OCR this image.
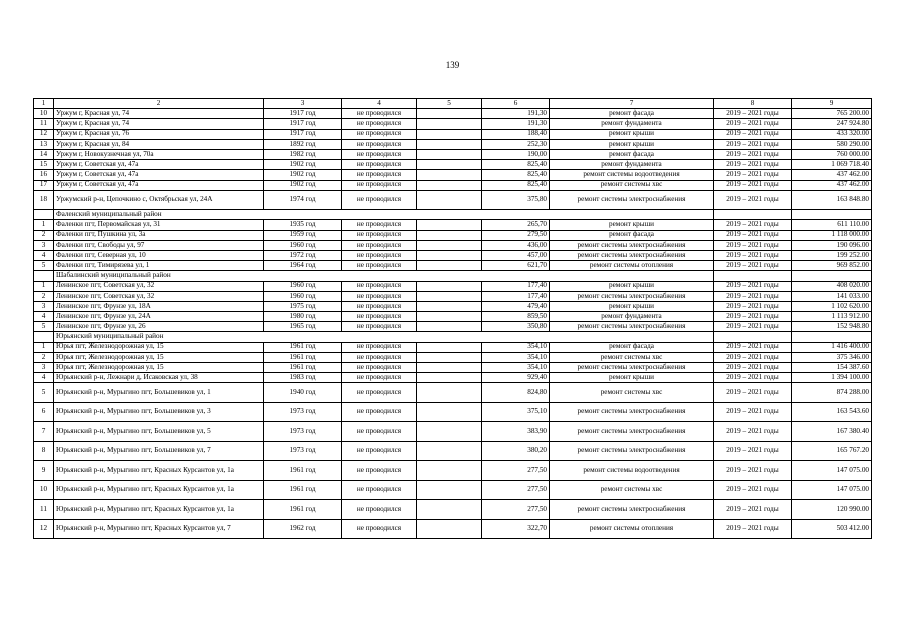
139
1	2	3	4	5	6	7	8	9
10	Уржум г, Красная ул, 74	1917 год	не проводился		191,30	ремонт фасада	2019 – 2021 годы	765 200.00
11	Уржум г, Красная ул, 74	1917 год	не проводился		191,30	ремонт фундамента	2019 – 2021 годы	247 924.80
12	Уржум г, Красная ул, 76	1917 год	не проводился		188,40	ремонт крыши	2019 – 2021 годы	433 320.00
13	Уржум г, Красная ул, 84	1892 год	не проводился		252,30	ремонт крыши	2019 – 2021 годы	580 290.00
14	Уржум г, Новокузнечная ул, 70а	1982 год	не проводился		190,00	ремонт фасада	2019 – 2021 годы	760 000.00
15	Уржум г, Советская ул, 47а	1902 год	не проводился		825,40	ремонт фундамента	2019 – 2021 годы	1 069 718.40
16	Уржум г, Советская ул, 47а	1902 год	не проводился		825,40	ремонт системы водоотведения	2019 – 2021 годы	437 462.00
17	Уржум г, Советская ул, 47а	1902 год	не проводился		825,40	ремонт системы хвс	2019 – 2021 годы	437 462.00
18	Уржумский р-н, Цепочкино с, Октябрьская ул, 24А	1974 год	не проводился		375,80	ремонт системы электроснабжения	2019 – 2021 годы	163 848.80
	Фаленский муниципальный район							
1	Фаленки пгт, Первомайская ул, 31	1935 год	не проводился		265,70	ремонт крыши	2019 – 2021 годы	611 110.00
2	Фаленки пгт, Пушкина ул, 3а	1959 год	не проводился		279,50	ремонт фасада	2019 – 2021 годы	1 118 000.00
3	Фаленки пгт, Свободы ул, 97	1960 год	не проводился		436,00	ремонт системы электроснабжения	2019 – 2021 годы	190 096.00
4	Фаленки пгт, Северная ул, 10	1972 год	не проводился		457,00	ремонт системы электроснабжения	2019 – 2021 годы	199 252.00
5	Фаленки пгт, Тимирязева ул, 1	1964 год	не проводился		621,70	ремонт системы отопления	2019 – 2021 годы	969 852.00
	Шабалинский муниципальный район							
1	Ленинское пгт, Советская ул, 32	1960 год	не проводился		177,40	ремонт крыши	2019 – 2021 годы	408 020.00
2	Ленинское пгт, Советская ул, 32	1960 год	не проводился		177,40	ремонт системы электроснабжения	2019 – 2021 годы	141 033.00
3	Ленинское пгт, Фрунзе ул, 18А	1975 год	не проводился		479,40	ремонт крыши	2019 – 2021 годы	1 102 620.00
4	Ленинское пгт, Фрунзе ул, 24А	1980 год	не проводился		859,50	ремонт фундамента	2019 – 2021 годы	1 113 912.00
5	Ленинское пгт, Фрунзе ул, 26	1965 год	не проводился		350,80	ремонт системы электроснабжения	2019 – 2021 годы	152 948.80
	Юрьянский муниципальный район							
1	Юрья пгт, Железнодорожная ул, 15	1961 год	не проводился		354,10	ремонт фасада	2019 – 2021 годы	1 416 400.00
2	Юрья пгт, Железнодорожная ул, 15	1961 год	не проводился		354,10	ремонт системы хвс	2019 – 2021 годы	375 346.00
3	Юрья пгт, Железнодорожная ул, 15	1961 год	не проводился		354,10	ремонт системы электроснабжения	2019 – 2021 годы	154 387.60
4	Юрьянский р-н, Лежнари д, Исаковская ул, 38	1983 год	не проводился		929,40	ремонт крыши	2019 – 2021 годы	1 394 100.00
5	Юрьянский р-н, Мурыгино пгт, Большевиков ул, 1	1940 год	не проводился		824,80	ремонт системы хвс	2019 – 2021 годы	874 288.00
6	Юрьянский р-н, Мурыгино пгт, Большевиков ул, 3	1973 год	не проводился		375,10	ремонт системы электроснабжения	2019 – 2021 годы	163 543.60
7	Юрьянский р-н, Мурыгино пгт, Большевиков ул, 5	1973 год	не проводился		383,90	ремонт системы электроснабжения	2019 – 2021 годы	167 380.40
8	Юрьянский р-н, Мурыгино пгт, Большевиков ул, 7	1973 год	не проводился		380,20	ремонт системы электроснабжения	2019 – 2021 годы	165 767.20
9	Юрьянский р-н, Мурыгино пгт, Красных Курсантов ул, 1а	1961 год	не проводился		277,50	ремонт системы водоотведения	2019 – 2021 годы	147 075.00
10	Юрьянский р-н, Мурыгино пгт, Красных Курсантов ул, 1а	1961 год	не проводился		277,50	ремонт системы хвс	2019 – 2021 годы	147 075.00
11	Юрьянский р-н, Мурыгино пгт, Красных Курсантов ул, 1а	1961 год	не проводился		277,50	ремонт системы электроснабжения	2019 – 2021 годы	120 990.00
12	Юрьянский р-н, Мурыгино пгт, Красных Курсантов ул, 7	1962 год	не проводился		322,70	ремонт системы отопления	2019 – 2021 годы	503 412.00
